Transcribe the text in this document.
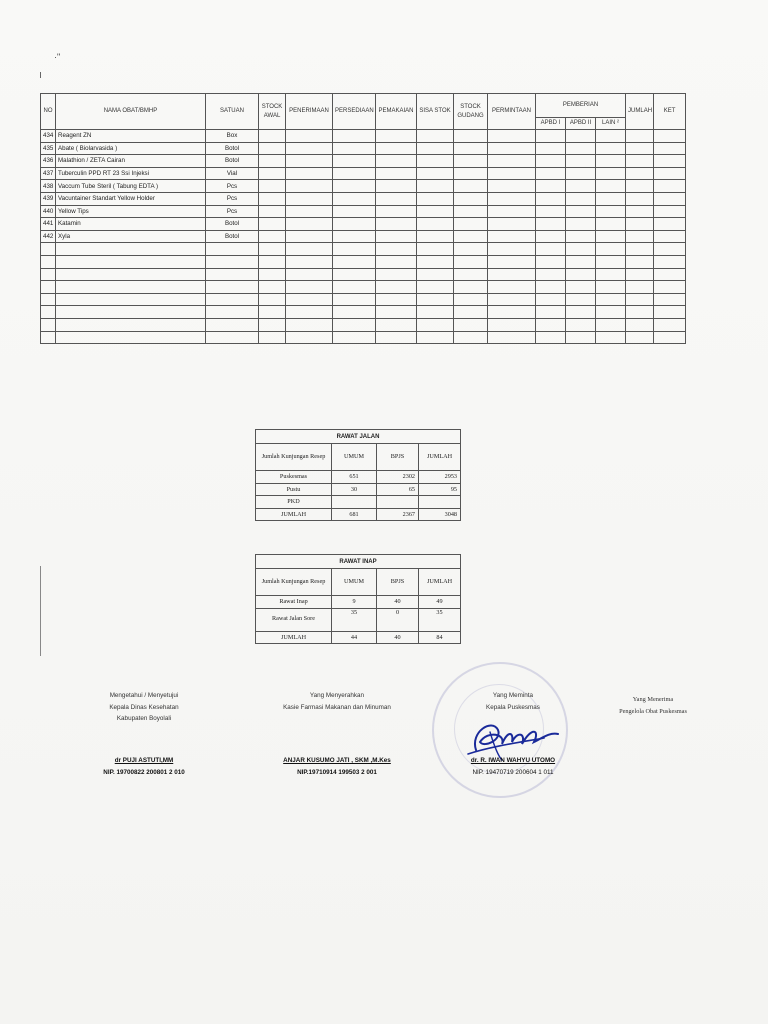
·"
NO	NAMA OBAT/BMHP	SATUAN	STOCK AWAL	PENERIMAAN	PERSEDIAAN	PEMAKAIAN	SISA STOK	STOCK GUDANG	PERMINTAAN	PEMBERIAN			JUMLAH	KET
										APBD I	APBD II	LAIN ²		
434	Reagent ZN	Box												
435	Abate ( Biolarvasida )	Botol												
436	Malathion / ZETA Cairan	Botol												
437	Tuberculin PPD RT 23 Ssi Injeksi	Vial												
438	Vaccum Tube Steril ( Tabung EDTA )	Pcs												
439	Vacuntainer Standart Yellow Holder	Pcs												
440	Yellow Tips	Pcs												
441	Katamin	Botol												
442	Xyla	Botol												

RAWAT JALAN			
Jumlah Kunjungan Resep	UMUM	BPJS	JUMLAH
Puskesmas	651	2302	2953
Pustu	30	65	95
PKD			
JUMLAH	681	2367	3048
RAWAT INAP			
Jumlah Kunjungan Resep	UMUM	BPJS	JUMLAH
Rawat Inap	9	40	49
Rawat Jalan Sore	35	0	35
JUMLAH	44	40	84
Mengetahui / Menyetujui
Kepala Dinas Kesehatan
Kabupaten Boyolali
dr PUJI ASTUTI,MM
NIP. 19700822 200801 2 010
Yang Menyerahkan
Kasie Farmasi Makanan dan Minuman
ANJAR KUSUMO JATI , SKM ,M.Kes
NIP.19710914 199503 2 001
Yang Meminta
Kepala Puskesmas
dr. R. IWAN WAHYU UTOMO
NIP. 19470719 200604 1 011
Yang Menerima
Pengelola Obat Puskesmas
